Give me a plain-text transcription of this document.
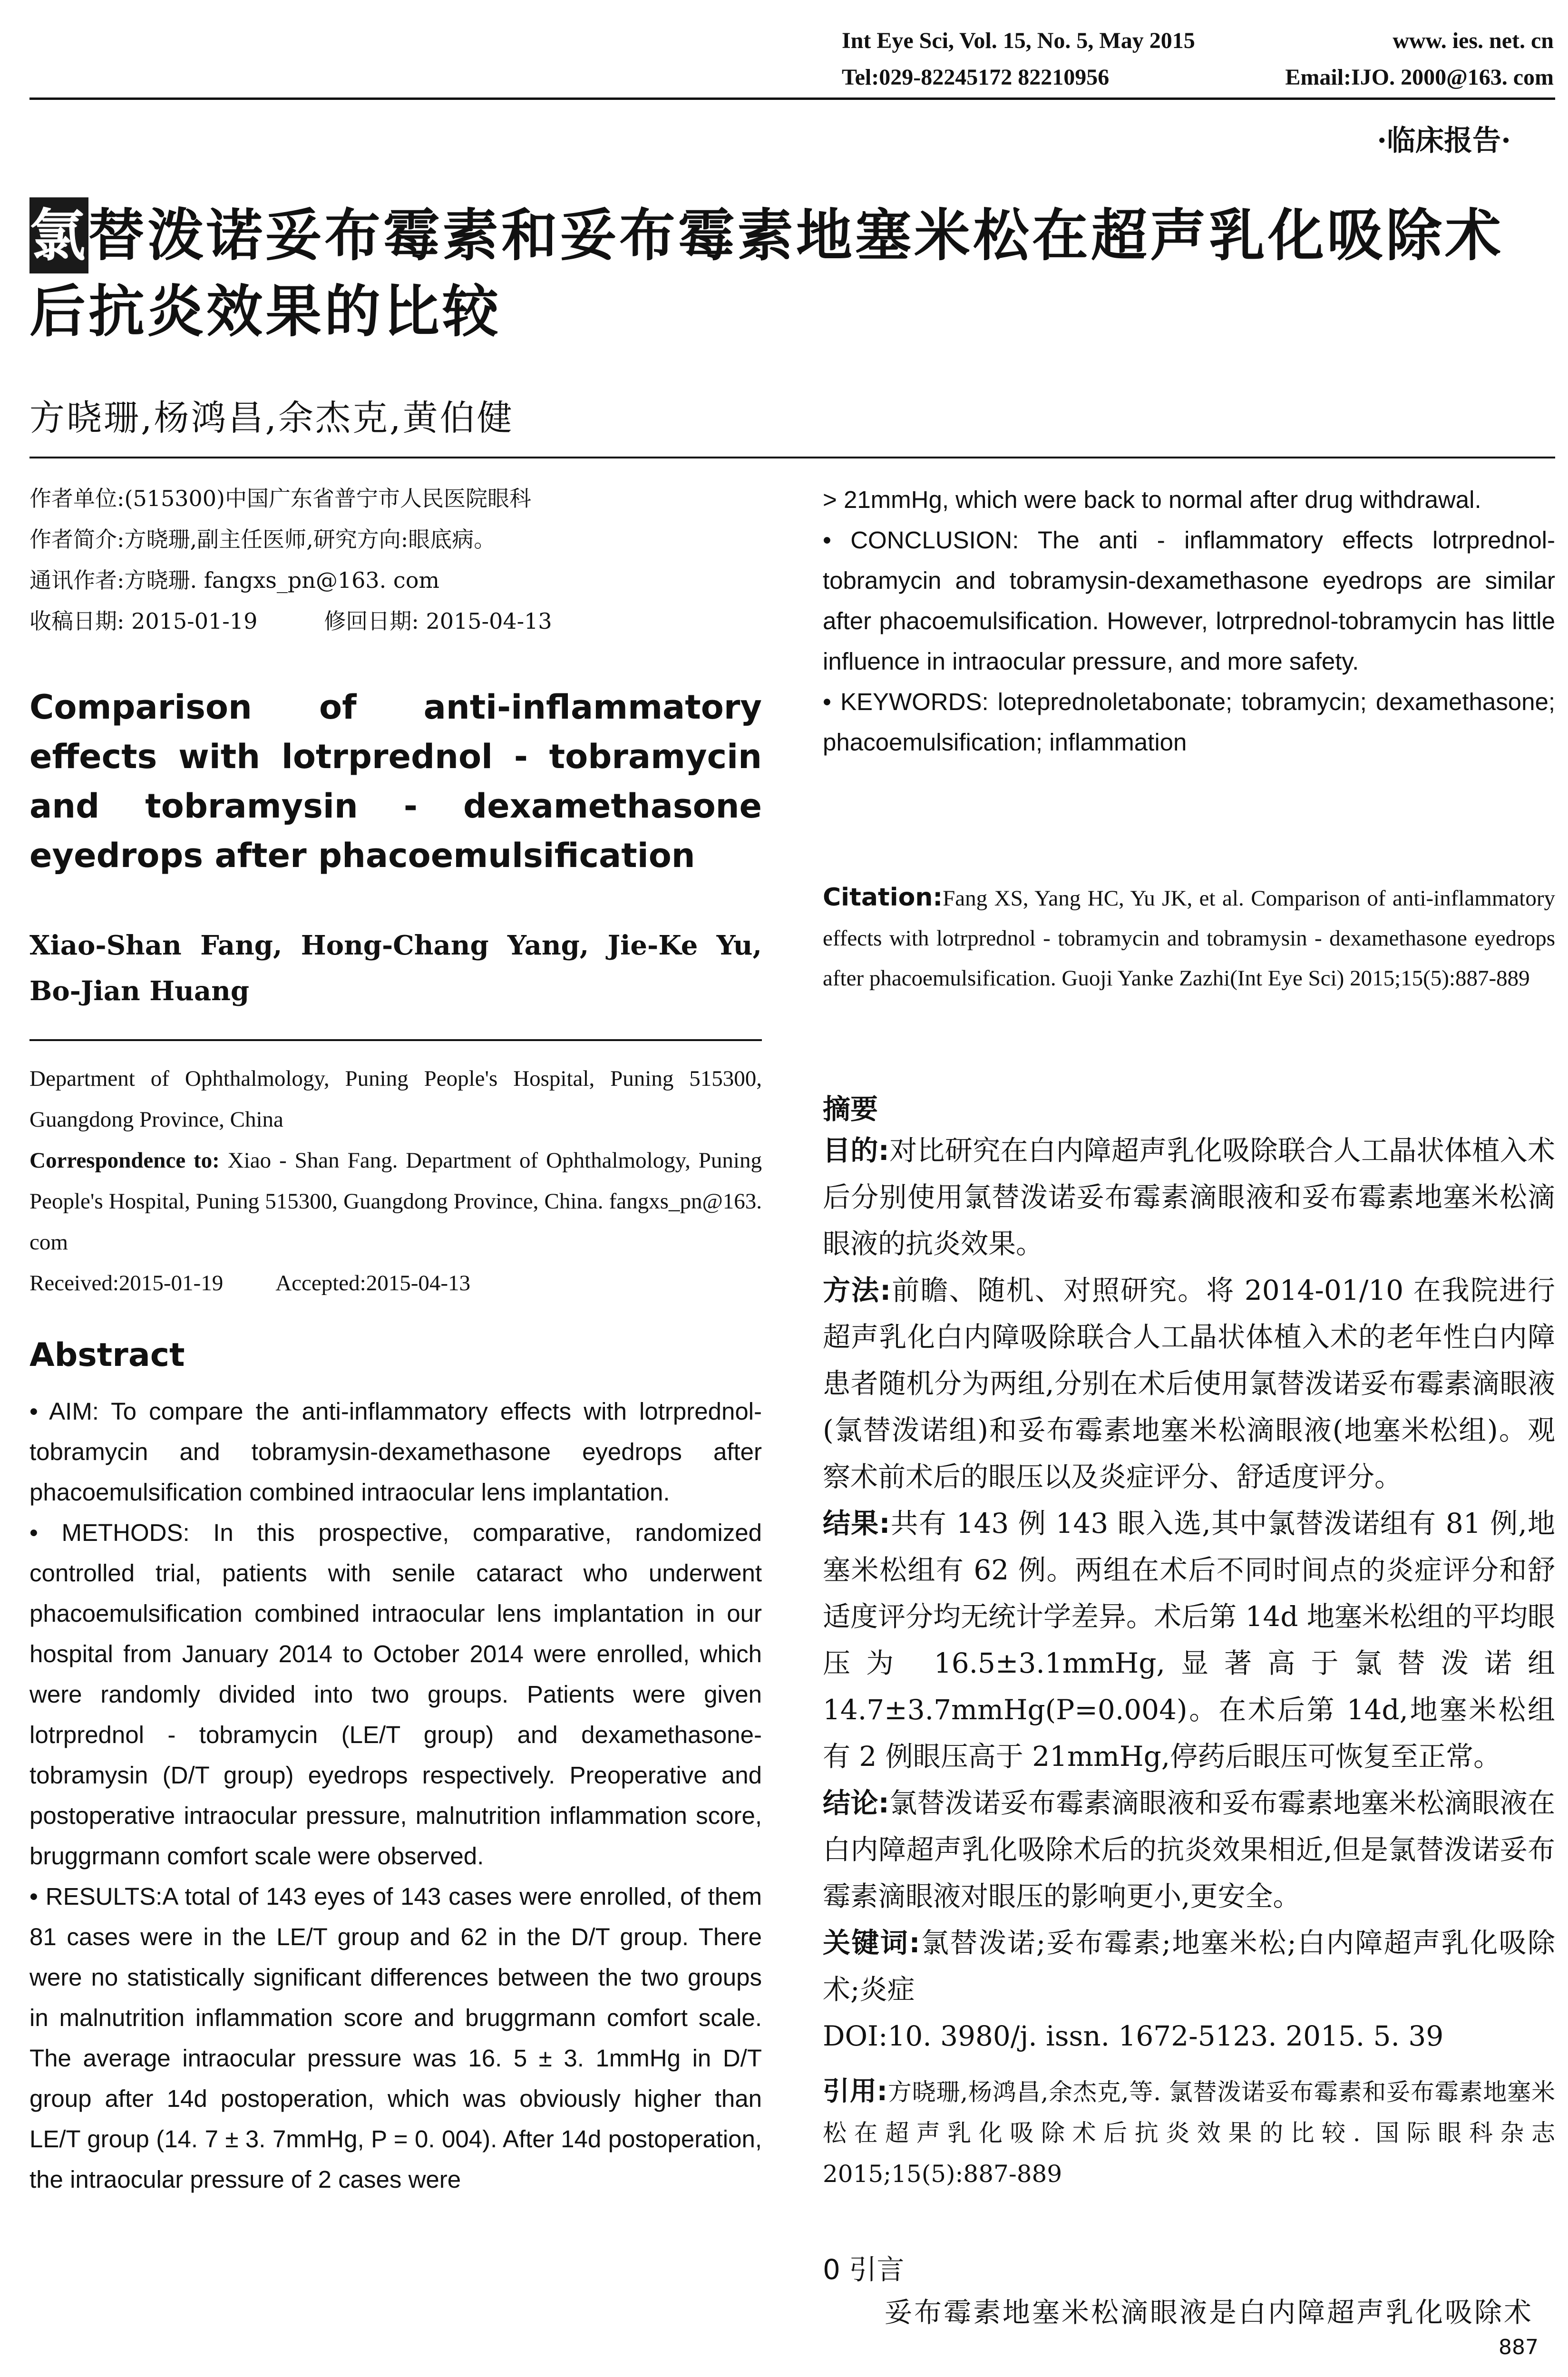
Int Eye Sci, Vol. 15, No. 5, May 2015	www. ies. net. cn
Tel:029-82245172 82210956	Email:IJO. 2000@163. com
·临床报告·
氯替泼诺妥布霉素和妥布霉素地塞米松在超声乳化吸除术后抗炎效果的比较
方晓珊,杨鸿昌,余杰克,黄伯健
作者单位:(515300)中国广东省普宁市人民医院眼科
作者简介:方晓珊,副主任医师,研究方向:眼底病。
通讯作者:方晓珊. fangxs_pn@163. com
收稿日期: 2015-01-19	修回日期: 2015-04-13
Comparison of anti-inflammatory effects with lotrprednol - tobramycin and tobramysin - dexamethasone eyedrops after phacoemulsification
Xiao-Shan Fang, Hong-Chang Yang, Jie-Ke Yu, Bo-Jian Huang
Department of Ophthalmology, Puning People's Hospital, Puning 515300, Guangdong Province, China
Correspondence to: Xiao - Shan Fang. Department of Ophthalmology, Puning People's Hospital, Puning 515300, Guangdong Province, China. fangxs_pn@163. com
Received:2015-01-19 Accepted:2015-04-13
Abstract

• AIM: To compare the anti-inflammatory effects with lotrprednol-tobramycin and tobramysin-dexamethasone eyedrops after phacoemulsification combined intraocular lens implantation.

• METHODS: In this prospective, comparative, randomized controlled trial, patients with senile cataract who underwent phacoemulsification combined intraocular lens implantation in our hospital from January 2014 to October 2014 were enrolled, which were randomly divided into two groups. Patients were given lotrprednol - tobramycin (LE/T group) and dexamethasone-tobramysin (D/T group) eyedrops respectively. Preoperative and postoperative intraocular pressure, malnutrition inflammation score, bruggrmann comfort scale were observed.

• RESULTS:A total of 143 eyes of 143 cases were enrolled, of them 81 cases were in the LE/T group and 62 in the D/T group. There were no statistically significant differences between the two groups in malnutrition inflammation score and bruggrmann comfort scale. The average intraocular pressure was 16. 5 ± 3. 1mmHg in D/T group after 14d postoperation, which was obviously higher than LE/T group (14. 7 ± 3. 7mmHg, P = 0. 004). After 14d postoperation, the intraocular pressure of 2 cases were

> 21mmHg, which were back to normal after drug withdrawal.

• CONCLUSION: The anti - inflammatory effects lotrprednol-tobramycin and tobramysin-dexamethasone eyedrops are similar after phacoemulsification. However, lotrprednol-tobramycin has little influence in intraocular pressure, and more safety.

• KEYWORDS: loteprednoletabonate; tobramycin; dexamethasone; phacoemulsification; inflammation

Citation:Fang XS, Yang HC, Yu JK, et al. Comparison of anti-inflammatory effects with lotrprednol - tobramycin and tobramysin - dexamethasone eyedrops after phacoemulsification. Guoji Yanke Zazhi(Int Eye Sci) 2015;15(5):887-889
摘要

目的:对比研究在白内障超声乳化吸除联合人工晶状体植入术后分别使用氯替泼诺妥布霉素滴眼液和妥布霉素地塞米松滴眼液的抗炎效果。

方法:前瞻、随机、对照研究。将 2014-01/10 在我院进行超声乳化白内障吸除联合人工晶状体植入术的老年性白内障患者随机分为两组,分别在术后使用氯替泼诺妥布霉素滴眼液(氯替泼诺组)和妥布霉素地塞米松滴眼液(地塞米松组)。观察术前术后的眼压以及炎症评分、舒适度评分。

结果:共有 143 例 143 眼入选,其中氯替泼诺组有 81 例,地塞米松组有 62 例。两组在术后不同时间点的炎症评分和舒适度评分均无统计学差异。术后第 14d 地塞米松组的平均眼压为 16.5±3.1mmHg,显著高于氯替泼诺组 14.7±3.7mmHg(P=0.004)。在术后第 14d,地塞米松组有 2 例眼压高于 21mmHg,停药后眼压可恢复至正常。

结论:氯替泼诺妥布霉素滴眼液和妥布霉素地塞米松滴眼液在白内障超声乳化吸除术后的抗炎效果相近,但是氯替泼诺妥布霉素滴眼液对眼压的影响更小,更安全。

关键词:氯替泼诺;妥布霉素;地塞米松;白内障超声乳化吸除术;炎症

DOI:10. 3980/j. issn. 1672-5123. 2015. 5. 39

引用:方晓珊,杨鸿昌,余杰克,等. 氯替泼诺妥布霉素和妥布霉素地塞米松在超声乳化吸除术后抗炎效果的比较. 国际眼科杂志 2015;15(5):887-889
0 引言
妥布霉素地塞米松滴眼液是白内障超声乳化吸除术
887
